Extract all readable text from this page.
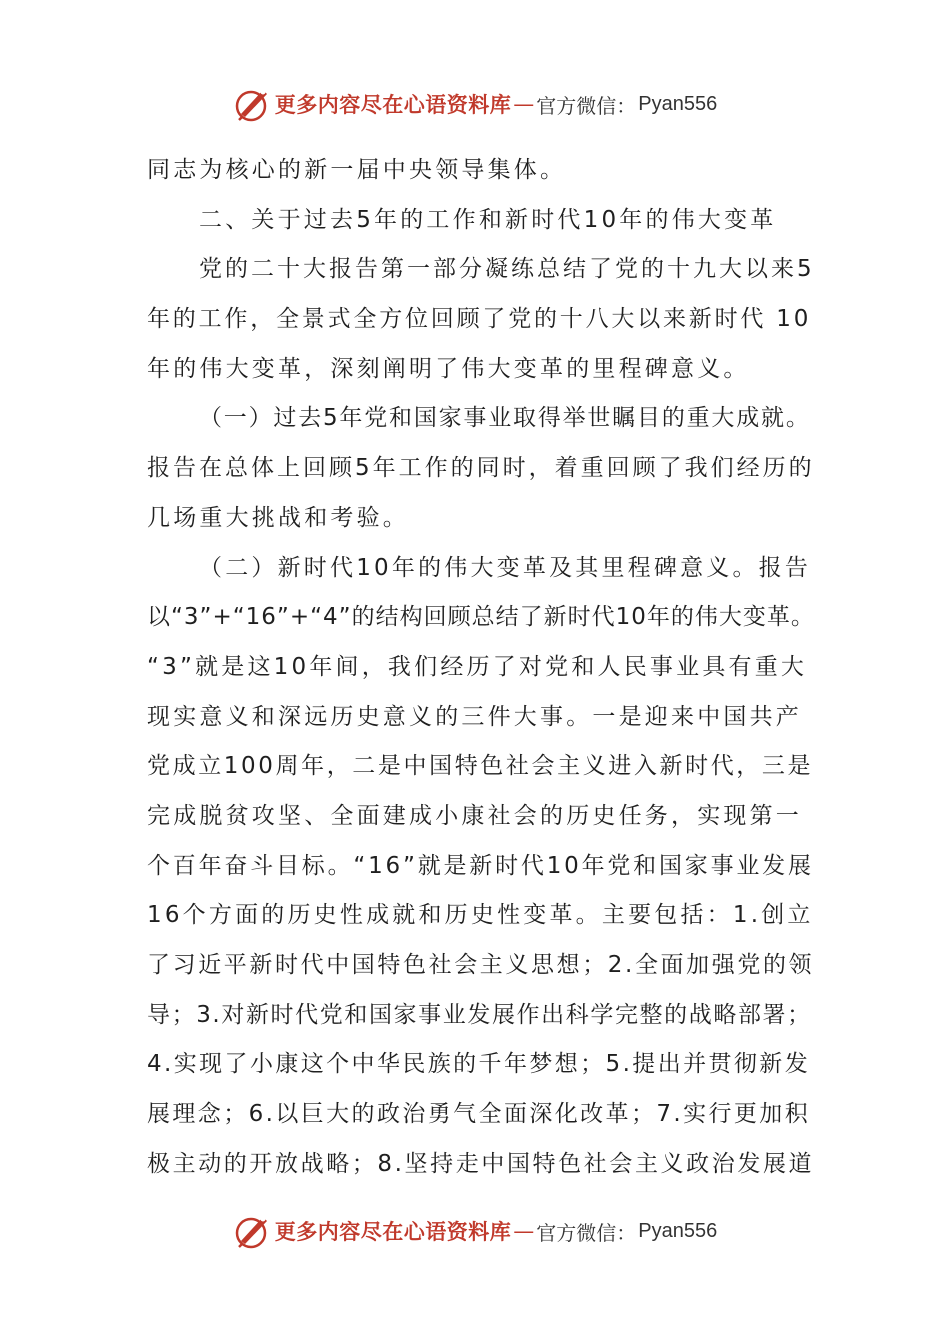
更多内容尽在心语资料库 — 官方微信： Pyan556
同志为核心的新一届中央领导集体。
二、关于过去5年的工作和新时代10年的伟大变革
党的二十大报告第一部分凝练总结了党的十九大以来5
年的工作，全景式全方位回顾了党的十八大以来新时代 10
年的伟大变革，深刻阐明了伟大变革的里程碑意义。
（一）过去5年党和国家事业取得举世瞩目的重大成就。
报告在总体上回顾5年工作的同时，着重回顾了我们经历的
几场重大挑战和考验。
（二）新时代10年的伟大变革及其里程碑意义。报告
以“3”+“16”+“4”的结构回顾总结了新时代10年的伟大变革。
“3”就是这10年间，我们经历了对党和人民事业具有重大
现实意义和深远历史意义的三件大事。一是迎来中国共产
党成立100周年，二是中国特色社会主义进入新时代，三是
完成脱贫攻坚、全面建成小康社会的历史任务，实现第一
个百年奋斗目标。“16”就是新时代10年党和国家事业发展
16个方面的历史性成就和历史性变革。主要包括：1.创立
了习近平新时代中国特色社会主义思想；2.全面加强党的领
导；3.对新时代党和国家事业发展作出科学完整的战略部署；
4.实现了小康这个中华民族的千年梦想；5.提出并贯彻新发
展理念；6.以巨大的政治勇气全面深化改革；7.实行更加积
极主动的开放战略；8.坚持走中国特色社会主义政治发展道
更多内容尽在心语资料库 — 官方微信： Pyan556
